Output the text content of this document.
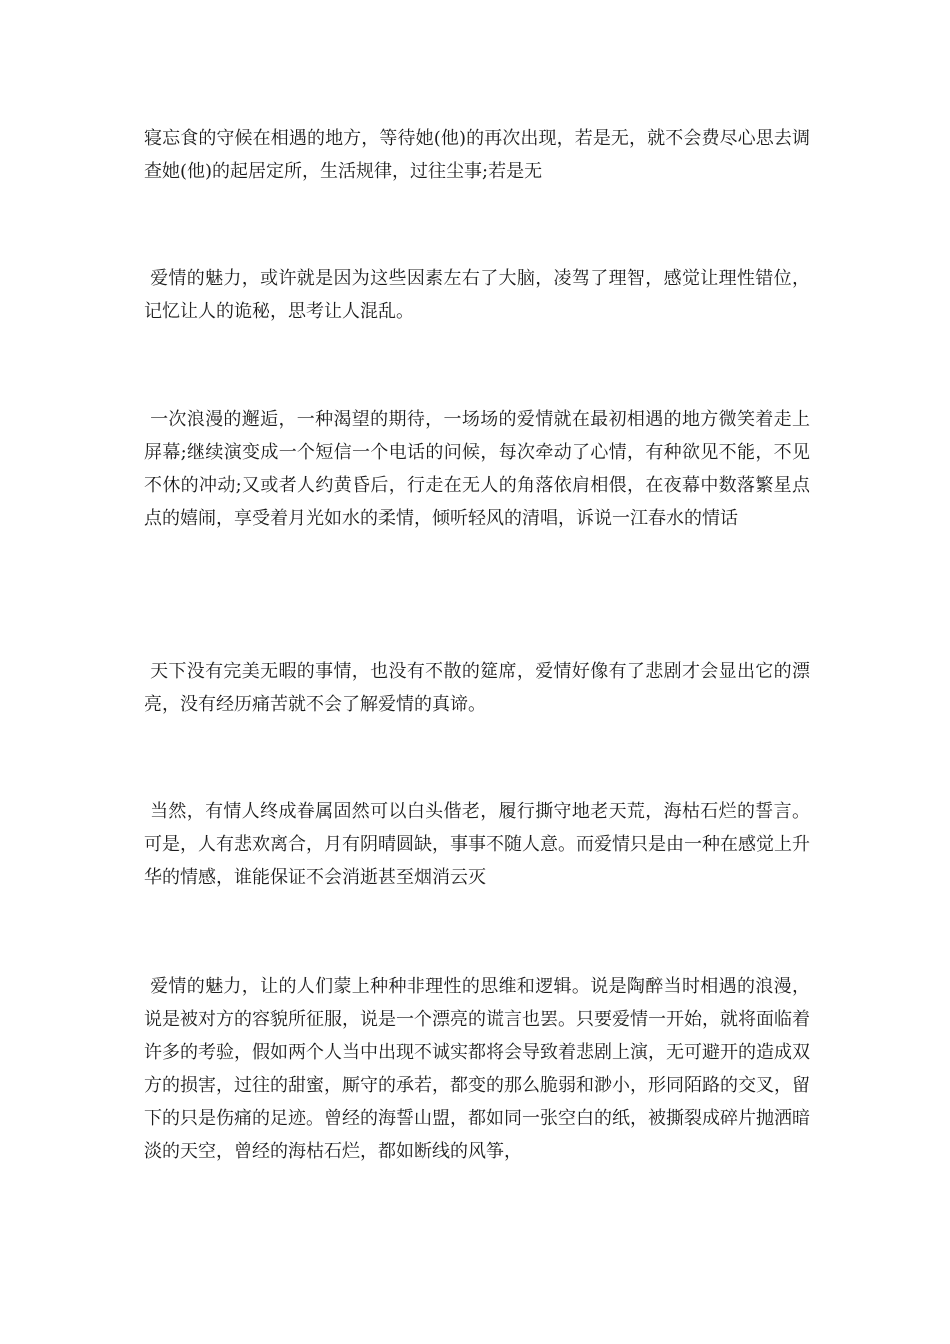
寝忘食的守候在相遇的地方，等待她(他)的再次出现，若是无，就不会费尽心思去调查她(他)的起居定所，生活规律，过往尘事;若是无

爱情的魅力，或许就是因为这些因素左右了大脑，凌驾了理智，感觉让理性错位，记忆让人的诡秘，思考让人混乱。

一次浪漫的邂逅，一种渴望的期待，一场场的爱情就在最初相遇的地方微笑着走上屏幕;继续演变成一个短信一个电话的问候，每次牵动了心情，有种欲见不能，不见不休的冲动;又或者人约黄昏后，行走在无人的角落依肩相偎，在夜幕中数落繁星点点的嬉闹，享受着月光如水的柔情，倾听轻风的清唱，诉说一江春水的情话

天下没有完美无暇的事情，也没有不散的筵席，爱情好像有了悲剧才会显出它的漂亮，没有经历痛苦就不会了解爱情的真谛。

当然，有情人终成眷属固然可以白头偕老，履行撕守地老天荒，海枯石烂的誓言。可是，人有悲欢离合，月有阴晴圆缺，事事不随人意。而爱情只是由一种在感觉上升华的情感，谁能保证不会消逝甚至烟消云灭

爱情的魅力，让的人们蒙上种种非理性的思维和逻辑。说是陶醉当时相遇的浪漫，说是被对方的容貌所征服，说是一个漂亮的谎言也罢。只要爱情一开始，就将面临着许多的考验，假如两个人当中出现不诚实都将会导致着悲剧上演，无可避开的造成双方的损害，过往的甜蜜，厮守的承若，都变的那么脆弱和渺小，形同陌路的交叉，留下的只是伤痛的足迹。曾经的海誓山盟，都如同一张空白的纸，被撕裂成碎片抛洒暗淡的天空，曾经的海枯石烂，都如断线的风筝，
